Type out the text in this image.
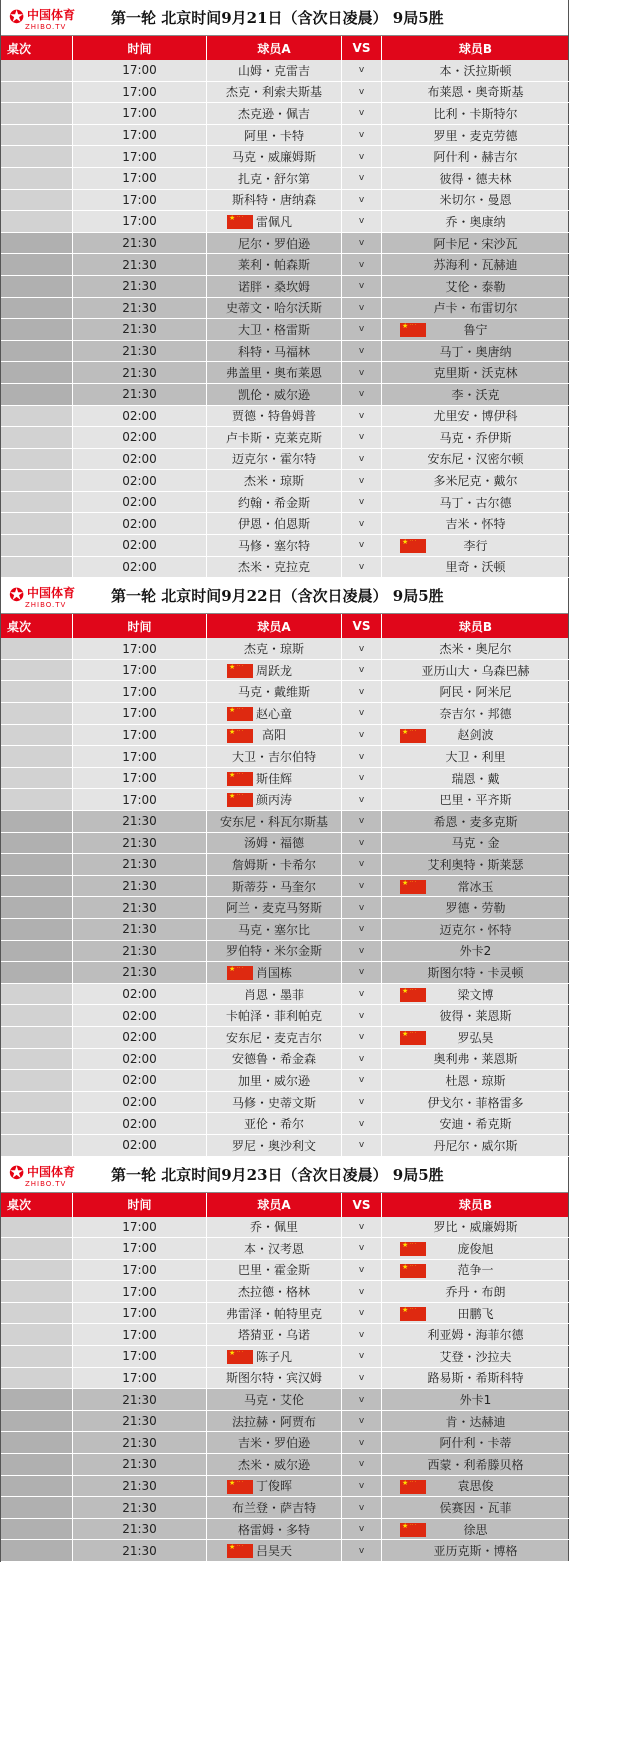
✪ 中国体育
ZHIBO.TV	第一轮 北京时间9月21日（含次日凌晨） 9局5胜
桌次	时间	球员A	VS	球员B
17:00	山姆・克雷吉	v	本・沃拉斯顿
17:00	杰克・利索夫斯基	v	布莱恩・奥奇斯基
17:00	杰克逊・佩吉	v	比利・卡斯特尔
17:00	阿里・卡特	v	罗里・麦克劳德
17:00	马克・威廉姆斯	v	阿什利・赫吉尔
17:00	扎克・舒尔第	v	彼得・德夫林
17:00	斯科特・唐纳森	v	米切尔・曼恩
17:00 ★ ·· ·	雷佩凡	v	乔・奥康纳
21:30	尼尔・罗伯逊	v	阿卡尼・宋沙瓦
21:30	莱利・帕森斯	v	苏海利・瓦赫迪
21:30	诺胖・桑坎姆	v	艾伦・泰勒
21:30	史蒂文・哈尔沃斯	v	卢卡・布雷切尔
21:30	大卫・格雷斯	v ★ ·· ·	鲁宁
21:30	科特・马福林	v	马丁・奥唐纳
21:30	弗盖里・奥布莱恩	v	克里斯・沃克林
21:30	凯伦・威尔逊	v	李・沃克
02:00	贾德・特鲁姆普	v	尤里安・博伊科
02:00	卢卡斯・克莱克斯	v	马克・乔伊斯
02:00	迈克尔・霍尔特	v	安东尼・汉密尔顿
02:00	杰米・琼斯	v	多米尼克・戴尔
02:00	约翰・希金斯	v	马丁・古尔德
02:00	伊恩・伯恩斯	v	吉米・怀特
02:00	马修・塞尔特	v ★ ·· ·	李行
02:00	杰米・克拉克	v	里奇・沃顿
✪ 中国体育
ZHIBO.TV	第一轮 北京时间9月22日（含次日凌晨） 9局5胜
桌次	时间	球员A	VS	球员B
17:00	杰克・琼斯	v	杰米・奥尼尔
17:00 ★ ·· ·	周跃龙	v	亚历山大・乌森巴赫
17:00	马克・戴维斯	v	阿民・阿米尼
17:00 ★ ·· ·	赵心童	v	奈吉尔・邦德
17:00 ★ ·· ·	高阳	v ★ ·· ·	赵剑波
17:00	大卫・吉尔伯特	v	大卫・利里
17:00 ★ ·· ·	斯佳辉	v	瑞恩・戴
17:00 ★ ·· ·	颜丙涛	v	巴里・平齐斯
21:30	安东尼・科瓦尔斯基	v	希恩・麦多克斯
21:30	汤姆・福德	v	马克・金
21:30	詹姆斯・卡希尔	v	艾利奥特・斯莱瑟
21:30	斯蒂芬・马奎尔	v ★ ·· ·	常冰玉
21:30	阿兰・麦克马努斯	v	罗德・劳勒
21:30	马克・塞尔比	v	迈克尔・怀特
21:30	罗伯特・米尔金斯	v	外卡2
21:30 ★ ·· ·	肖国栋	v	斯图尔特・卡灵顿
02:00	肖恩・墨菲	v ★ ·· ·	梁文博
02:00	卡帕泽・菲利帕克	v	彼得・莱恩斯
02:00	安东尼・麦克吉尔	v ★ ·· ·	罗弘昊
02:00	安德鲁・希金森	v	奥利弗・莱恩斯
02:00	加里・威尔逊	v	杜恩・琼斯
02:00	马修・史蒂文斯	v	伊戈尔・菲格雷多
02:00	亚伦・希尔	v	安迪・希克斯
02:00	罗尼・奥沙利文	v	丹尼尔・威尔斯
✪ 中国体育
ZHIBO.TV	第一轮 北京时间9月23日（含次日凌晨） 9局5胜
桌次	时间	球员A	VS	球员B
17:00	乔・佩里	v	罗比・威廉姆斯
17:00	本・汉考恩	v ★ ·· ·	庞俊旭
17:00	巴里・霍金斯	v ★ ·· ·	范争一
17:00	杰拉德・格林	v	乔丹・布朗
17:00	弗雷泽・帕特里克	v ★ ·· ·	田鹏飞
17:00	塔猜亚・乌诺	v	利亚姆・海菲尔德
17:00 ★ ·· ·	陈子凡	v	艾登・沙拉夫
17:00	斯图尔特・宾汉姆	v	路易斯・希斯科特
21:30	马克・艾伦	v	外卡1
21:30	法拉赫・阿贾布	v	肯・达赫迪
21:30	吉米・罗伯逊	v	阿什利・卡蒂
21:30	杰米・威尔逊	v	西蒙・利希滕贝格
21:30 ★ ·· ·	丁俊晖	v ★ ·· ·	袁思俊
21:30	布兰登・萨吉特	v	侯赛因・瓦菲
21:30	格雷姆・多特	v ★ ·· ·	徐思
21:30 ★ ·· ·	吕昊天	v	亚历克斯・博格
